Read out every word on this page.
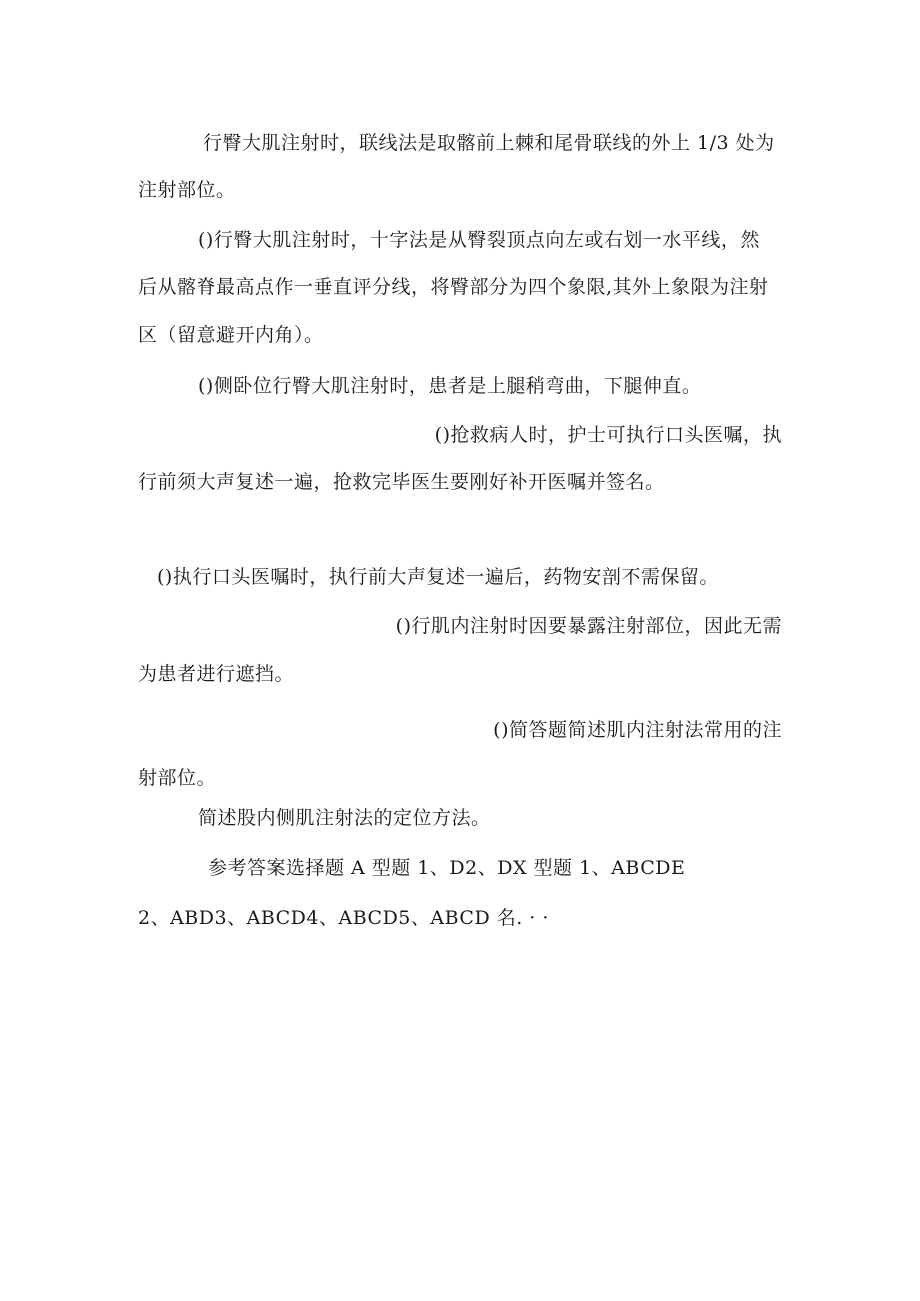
行臀大肌注射时，联线法是取髂前上棘和尾骨联线的外上 1/3 处为
注射部位。
()行臀大肌注射时，十字法是从臀裂顶点向左或右划一水平线，然
后从髂脊最高点作一垂直评分线，将臀部分为四个象限,其外上象限为注射
区（留意避开内角）。
()侧卧位行臀大肌注射时，患者是上腿稍弯曲，下腿伸直。
()抢救病人时，护士可执行口头医嘱，执
行前须大声复述一遍，抢救完毕医生要刚好补开医嘱并签名。
()执行口头医嘱时，执行前大声复述一遍后，药物安剖不需保留。
()行肌内注射时因要暴露注射部位，因此无需
为患者进行遮挡。
()简答题简述肌内注射法常用的注
射部位。
简述股内侧肌注射法的定位方法。
参考答案选择题 A 型题 1、D2、DX 型题 1、ABCDE
2、ABD3、ABCD4、ABCD5、ABCD 名. · ·
